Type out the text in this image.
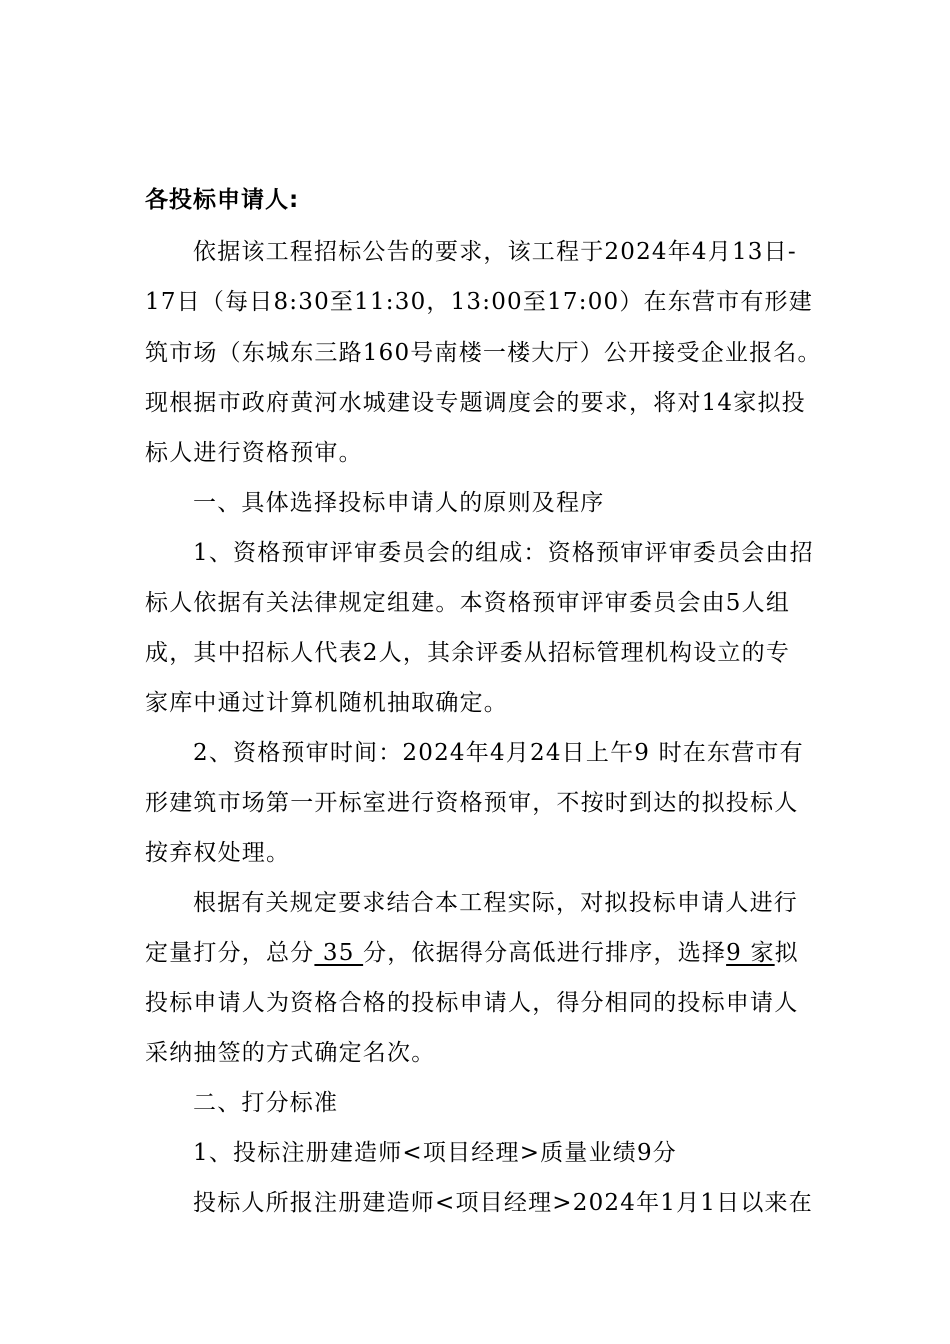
各投标申请人:
依据该工程招标公告的要求，该工程于2024年4月13日-
17日（每日8:30至11:30，13:00至17:00）在东营市有形建
筑市场（东城东三路160号南楼一楼大厅）公开接受企业报名。
现根据市政府黄河水城建设专题调度会的要求，将对14家拟投
标人进行资格预审。
一、具体选择投标申请人的原则及程序
1、资格预审评审委员会的组成：资格预审评审委员会由招
标人依据有关法律规定组建。本资格预审评审委员会由5人组
成，其中招标人代表2人，其余评委从招标管理机构设立的专
家库中通过计算机随机抽取确定。
2、资格预审时间：2024年4月24日上午9 时在东营市有
形建筑市场第一开标室进行资格预审，不按时到达的拟投标人
按弃权处理。
根据有关规定要求结合本工程实际，对拟投标申请人进行
定量打分，总分 35 分，依据得分高低进行排序，选择9 家拟
投标申请人为资格合格的投标申请人，得分相同的投标申请人
采纳抽签的方式确定名次。
二、打分标准
1、投标注册建造师<项目经理>质量业绩9分
投标人所报注册建造师<项目经理>2024年1月1日以来在
